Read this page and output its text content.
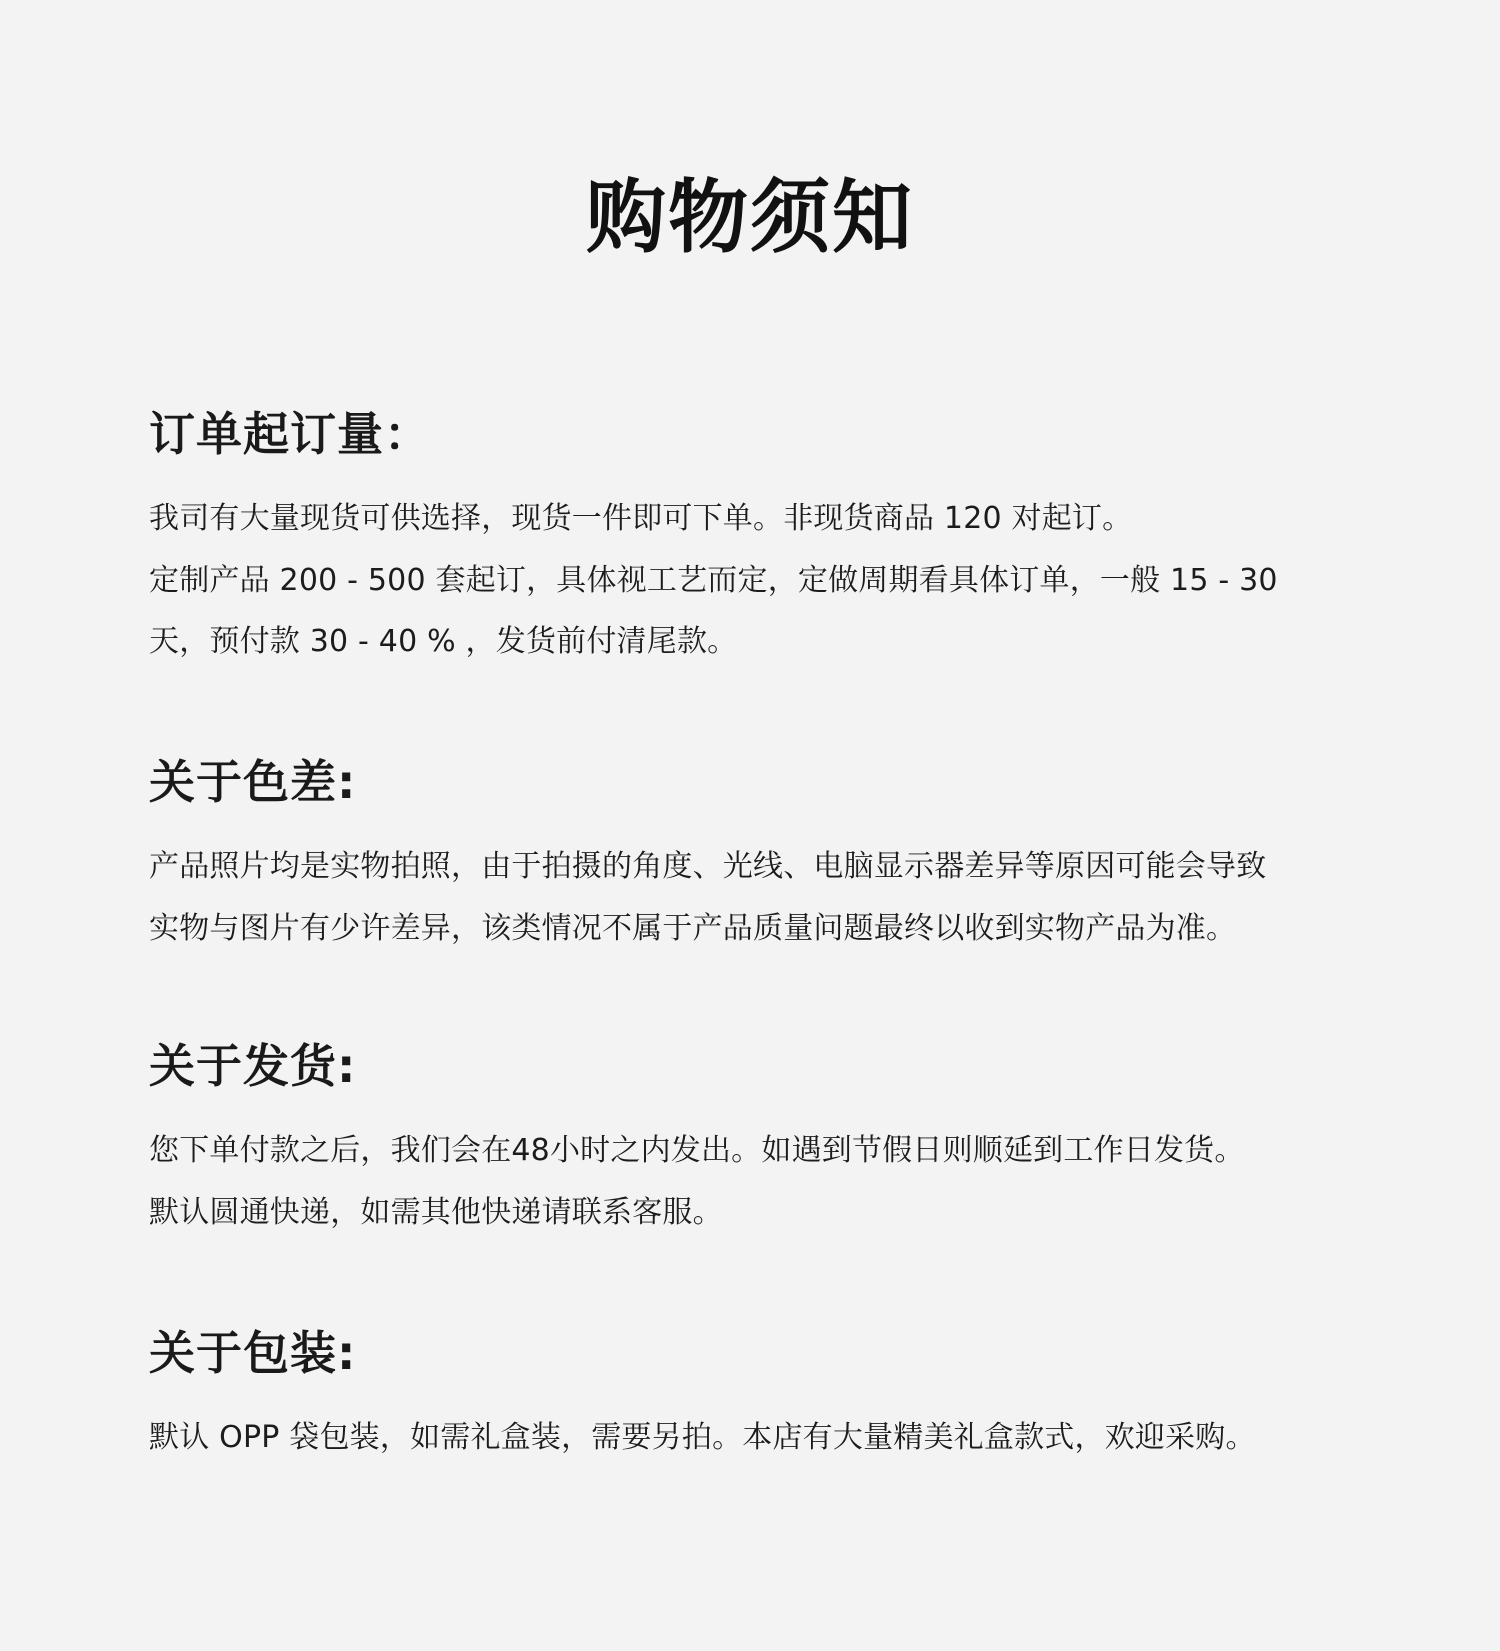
购物须知
订单起订量：
我司有大量现货可供选择，现货一件即可下单。非现货商品 120 对起订。
定制产品 200 - 500 套起订，具体视工艺而定，定做周期看具体订单，一般 15 - 30
天，预付款 30 - 40 % ，发货前付清尾款。
关于色差:
产品照片均是实物拍照，由于拍摄的角度、光线、电脑显示器差异等原因可能会导致
实物与图片有少许差异，该类情况不属于产品质量问题最终以收到实物产品为准。
关于发货:
您下单付款之后，我们会在48小时之内发出。如遇到节假日则顺延到工作日发货。
默认圆通快递，如需其他快递请联系客服。
关于包装:
默认 OPP 袋包装，如需礼盒装，需要另拍。本店有大量精美礼盒款式，欢迎采购。
